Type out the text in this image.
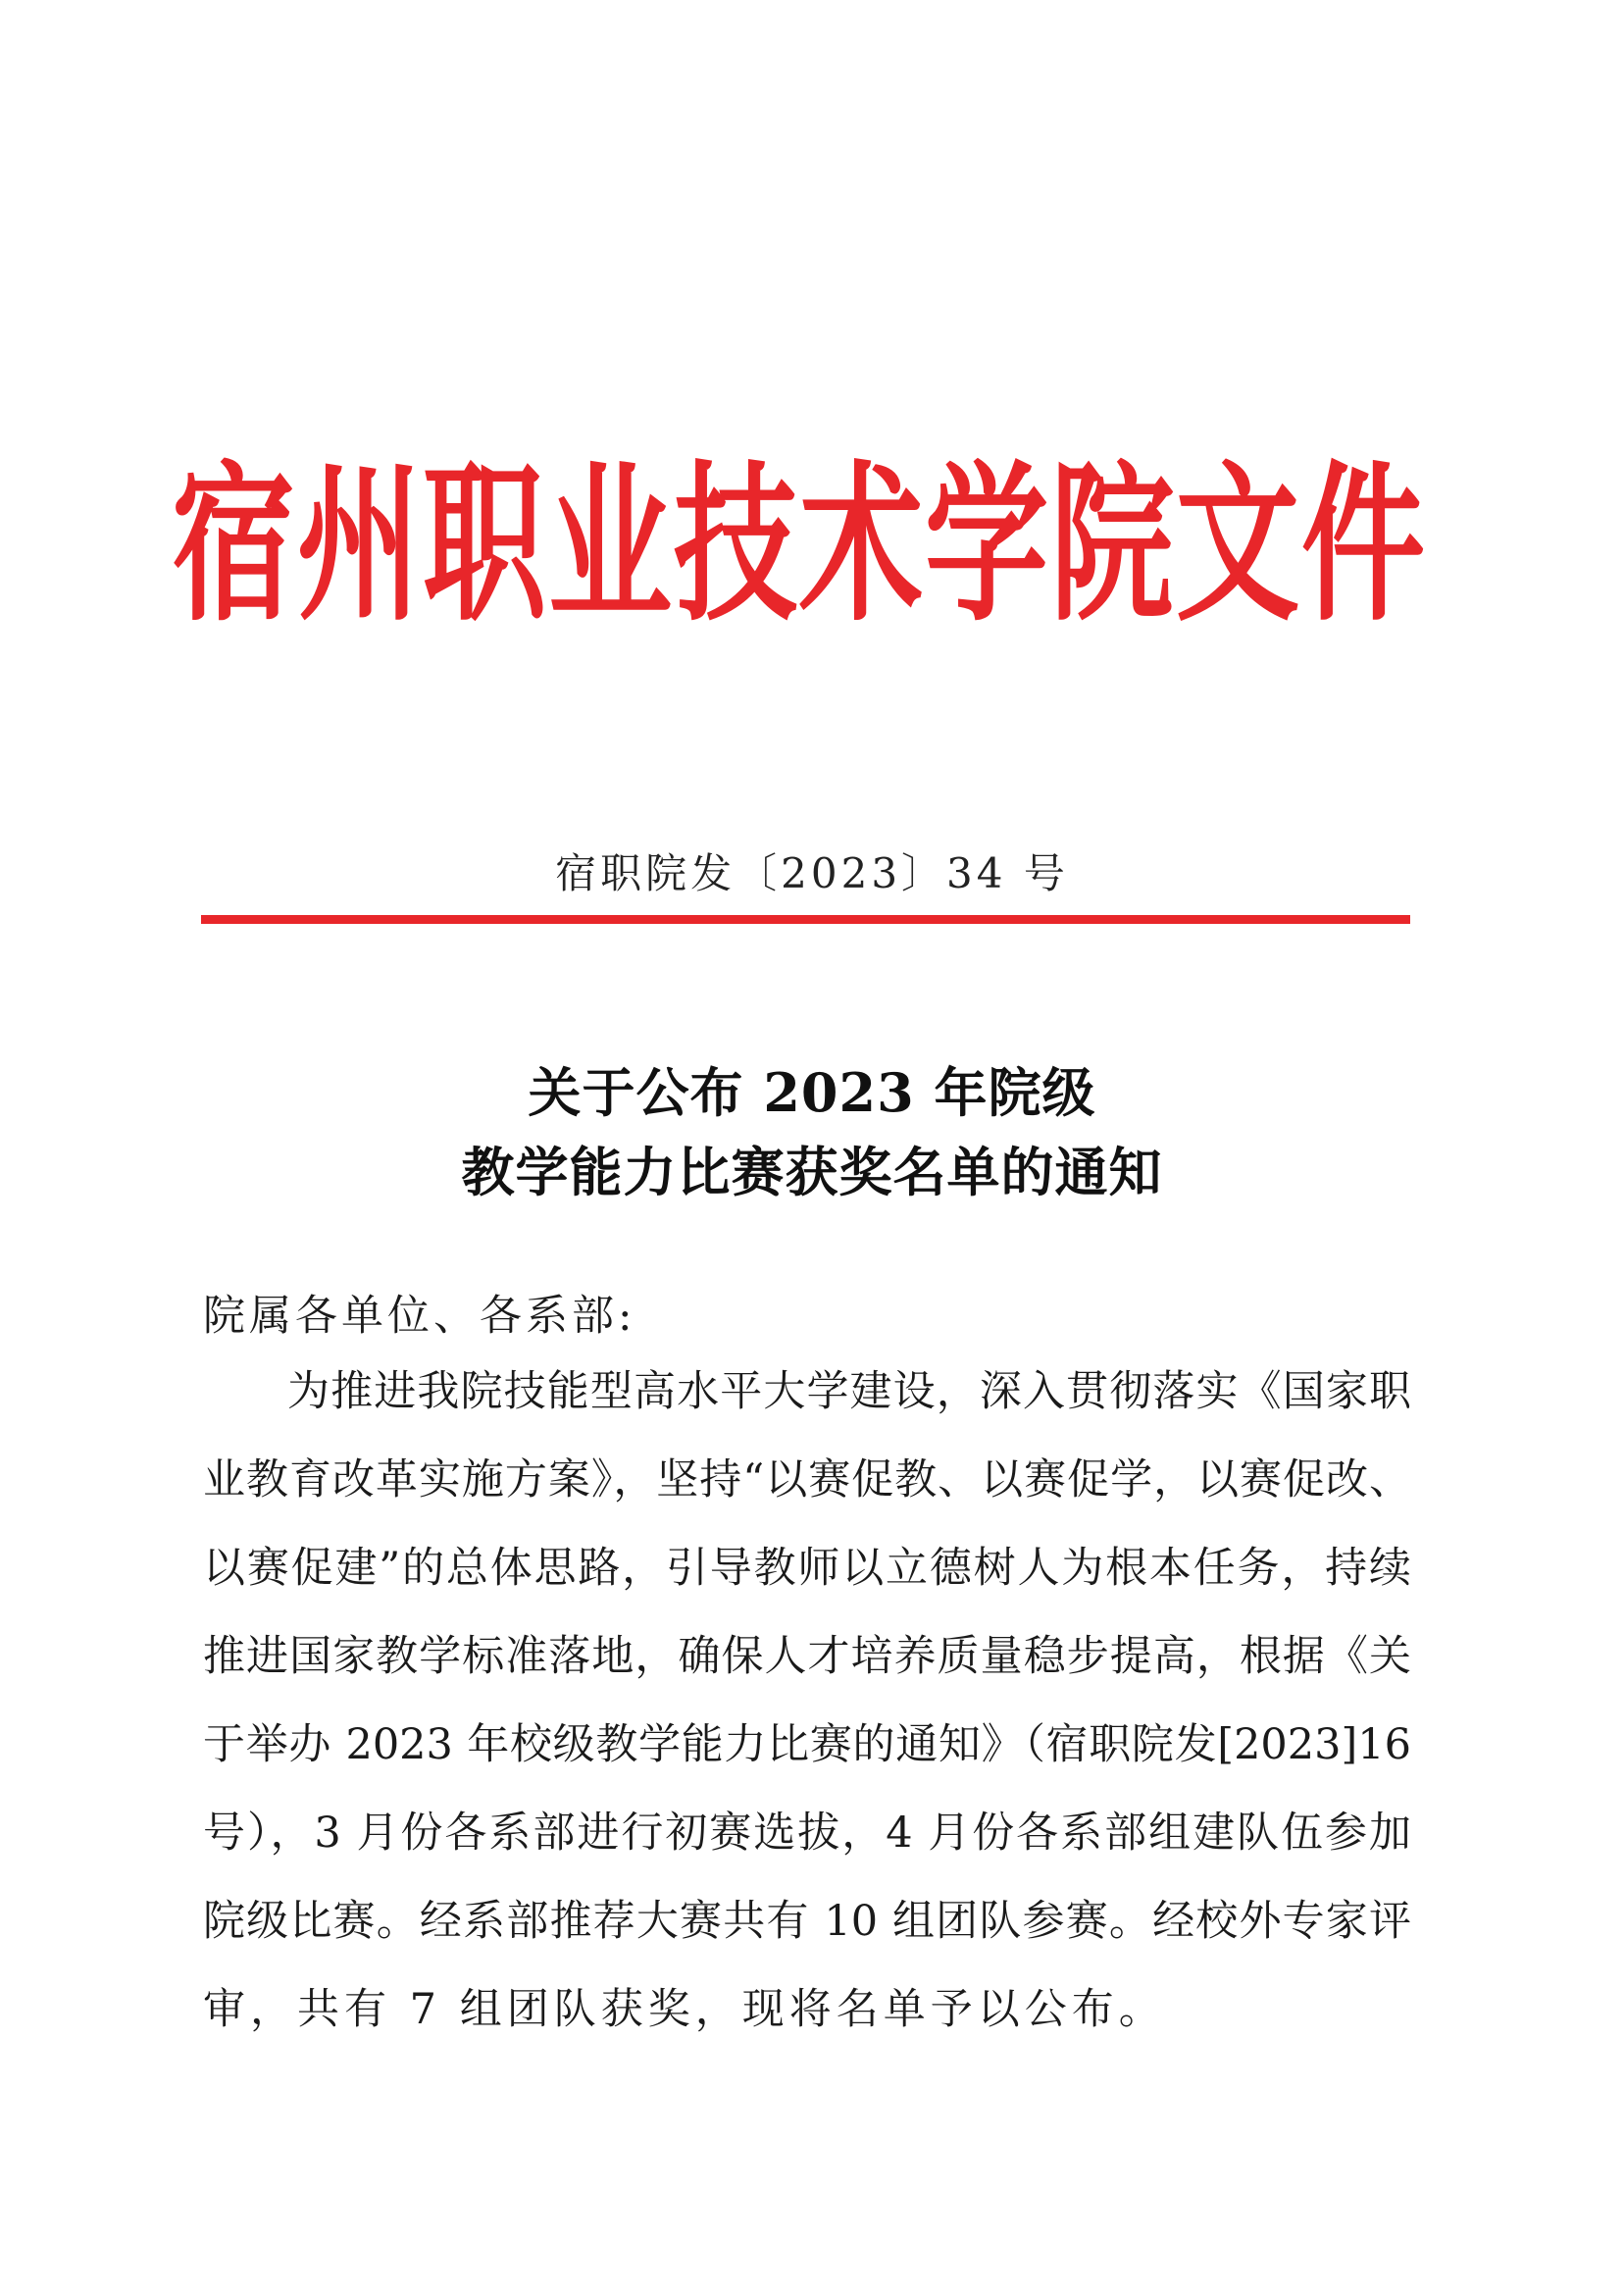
宿州职业技术学院文件
宿职院发〔2023〕34 号
关于公布 2023 年院级
教学能力比赛获奖名单的通知
院属各单位、各系部:
为推进我院技能型高水平大学建设，深入贯彻落实《国家职
业教育改革实施方案》，坚持“以赛促教、以赛促学，以赛促改、
以赛促建”的总体思路，引导教师以立德树人为根本任务，持续
推进国家教学标准落地，确保人才培养质量稳步提高，根据《关
于举办 2023 年校级教学能力比赛的通知》（宿职院发[2023]16
号），3 月份各系部进行初赛选拔，4 月份各系部组建队伍参加
院级比赛。经系部推荐大赛共有 10 组团队参赛。经校外专家评
审，共有 7 组团队获奖，现将名单予以公布。
